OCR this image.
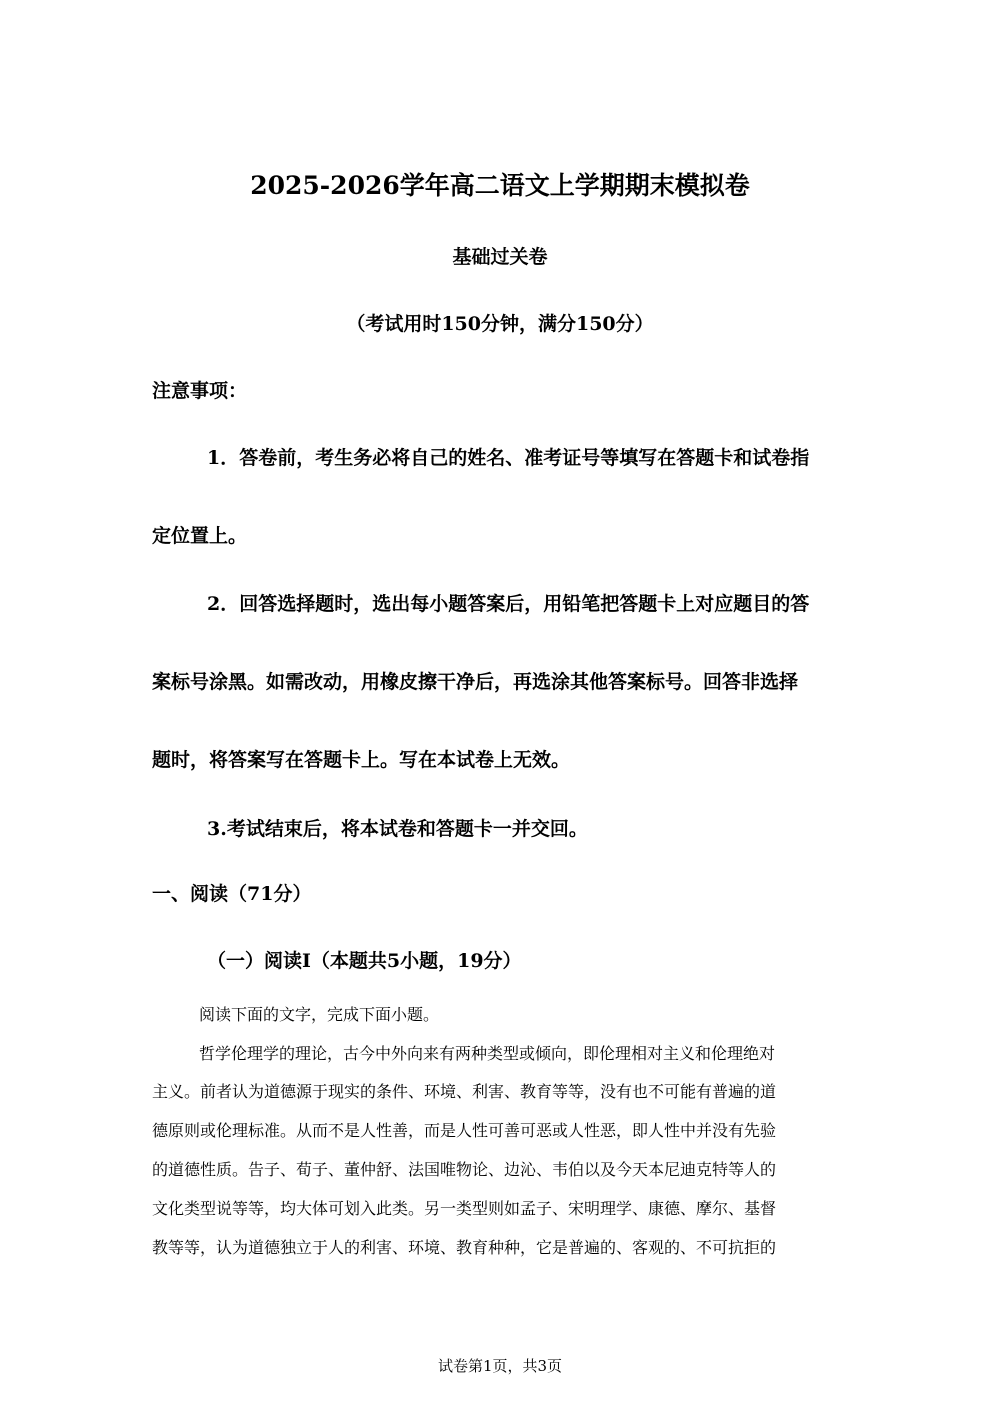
2025-2026学年高二语文上学期期末模拟卷
基础过关卷
（考试用时150分钟，满分150分）
注意事项：
1．答卷前，考生务必将自己的姓名、准考证号等填写在答题卡和试卷指
定位置上。
2．回答选择题时，选出每小题答案后，用铅笔把答题卡上对应题目的答
案标号涂黑。如需改动，用橡皮擦干净后，再选涂其他答案标号。回答非选择
题时，将答案写在答题卡上。写在本试卷上无效。
3.考试结束后，将本试卷和答题卡一并交回。
一、阅读（71分）
（一）阅读Ⅰ（本题共5小题，19分）
阅读下面的文字，完成下面小题。
哲学伦理学的理论，古今中外向来有两种类型或倾向，即伦理相对主义和伦理绝对
主义。前者认为道德源于现实的条件、环境、利害、教育等等，没有也不可能有普遍的道
德原则或伦理标准。从而不是人性善，而是人性可善可恶或人性恶，即人性中并没有先验
的道德性质。告子、荀子、董仲舒、法国唯物论、边沁、韦伯以及今天本尼迪克特等人的
文化类型说等等，均大体可划入此类。另一类型则如孟子、宋明理学、康德、摩尔、基督
教等等，认为道德独立于人的利害、环境、教育种种，它是普遍的、客观的、不可抗拒的
试卷第1页，共3页
